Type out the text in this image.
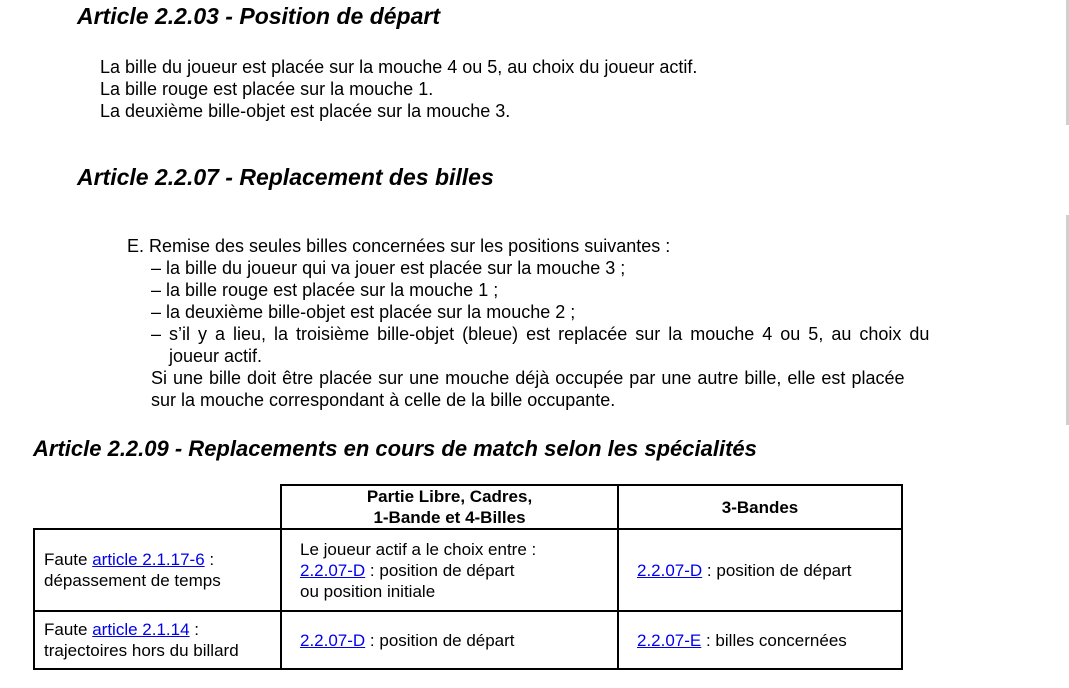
Article 2.2.03 - Position de départ
La bille du joueur est placée sur la mouche 4 ou 5, au choix du joueur actif.
La bille rouge est placée sur la mouche 1.
La deuxième bille-objet est placée sur la mouche 3.
Article 2.2.07 - Replacement des billes
E. Remise des seules billes concernées sur les positions suivantes :
– la bille du joueur qui va jouer est placée sur la mouche 3 ;
– la bille rouge est placée sur la mouche 1 ;
– la deuxième bille-objet est placée sur la mouche 2 ;
– s’il y a lieu, la troisième bille-objet (bleue) est replacée sur la mouche 4 ou 5, au choix du
joueur actif.
Si une bille doit être placée sur une mouche déjà occupée par une autre bille, elle est placée
sur la mouche correspondant à celle de la bille occupante.
Article 2.2.09 - Replacements en cours de match selon les spécialités

	Partie Libre, Cadres,
1-Bande et 4-Billes	3-Bandes

Faute article 2.1.17-6 :
dépassement de temps	Le joueur actif a le choix entre :
2.2.07-D : position de départ
ou position initiale	2.2.07-D : position de départ

Faute article 2.1.14 :
trajectoires hors du billard	2.2.07-D : position de départ	2.2.07-E : billes concernées
